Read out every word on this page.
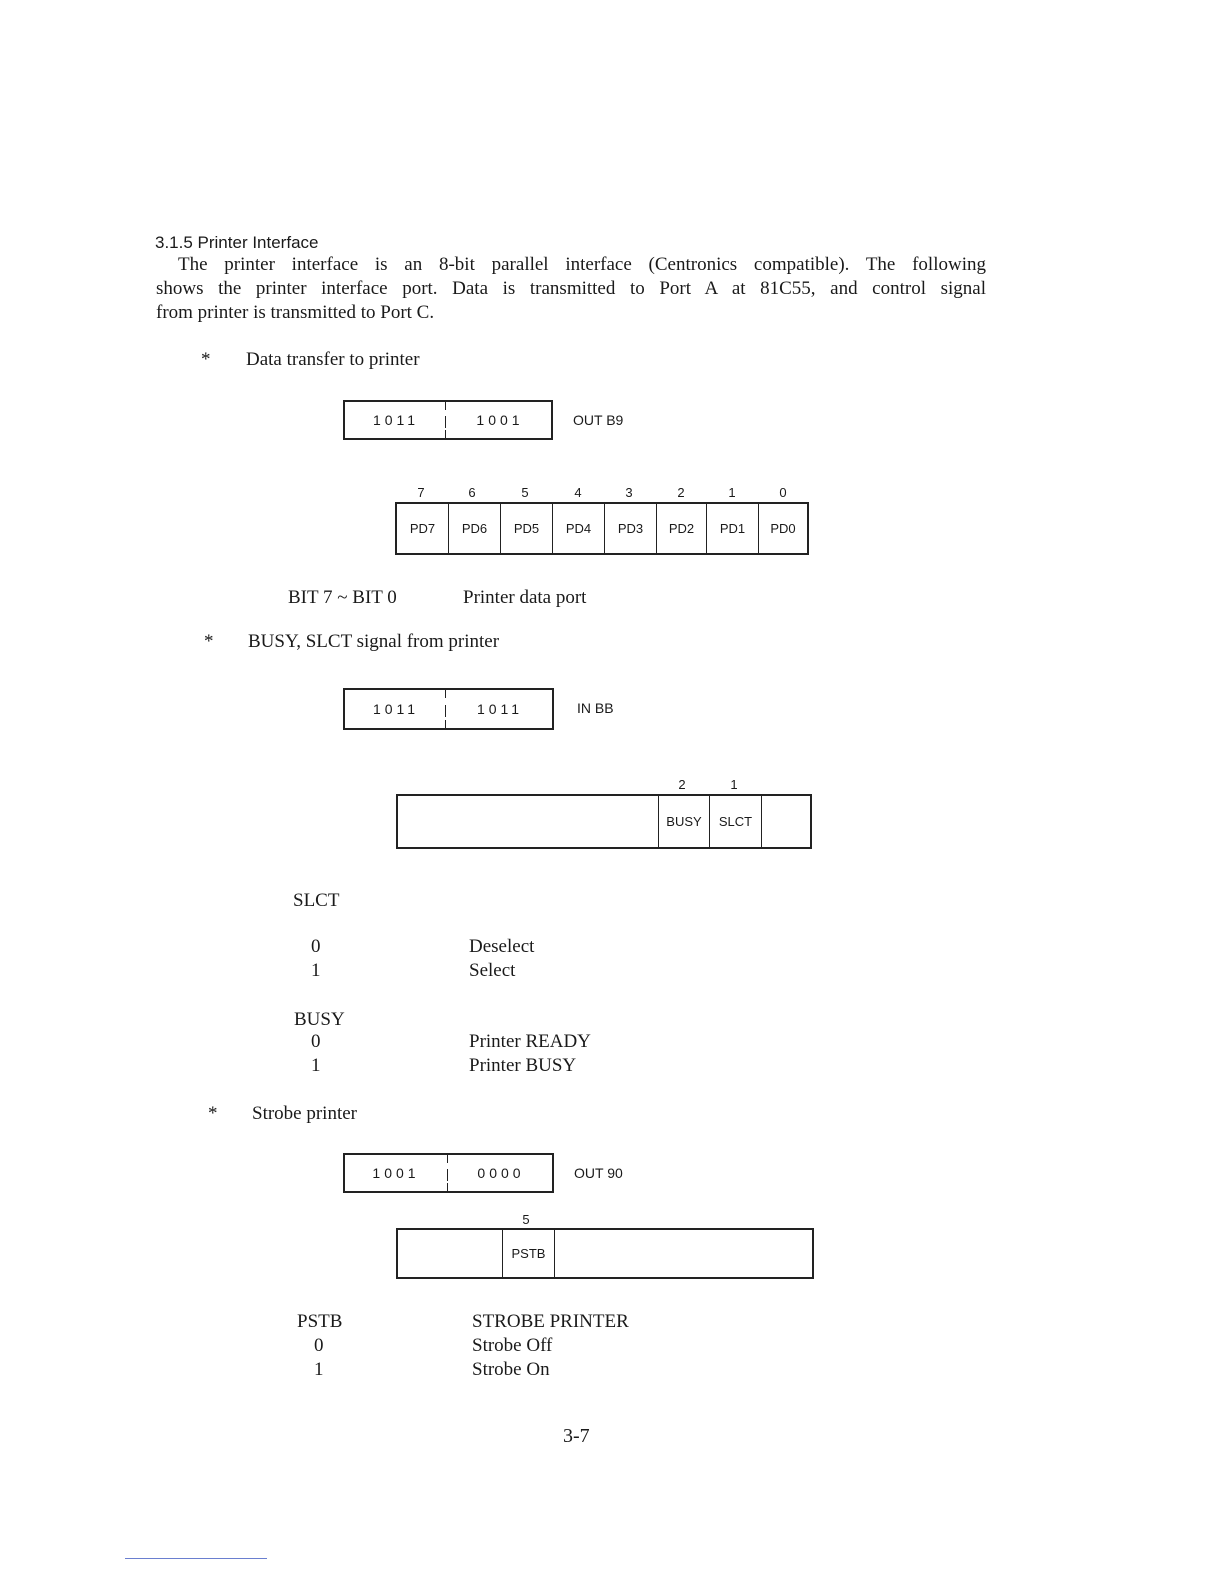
3.1.5 Printer Interface
The printer interface is an 8-bit parallel interface (Centronics compatible). The following
shows the printer interface port. Data is transmitted to Port A at 81C55, and control signal
from printer is transmitted to Port C.
* Data transfer to printer
1011	1001	OUT B9
7	6	5	4	3	2	1	0
PD7	PD6	PD5	PD4	PD3	PD2	PD1	PD0
BIT 7 ~ BIT 0	Printer data port
* BUSY, SLCT signal from printer
1011	1011	IN BB
2	1
BUSY	SLCT
SLCT
0	Deselect
1	Select
BUSY
0	Printer READY
1	Printer BUSY
* Strobe printer
1001	0000	OUT 90
5
PSTB
PSTB	STROBE PRINTER
0	Strobe Off
1	Strobe On
3-7
